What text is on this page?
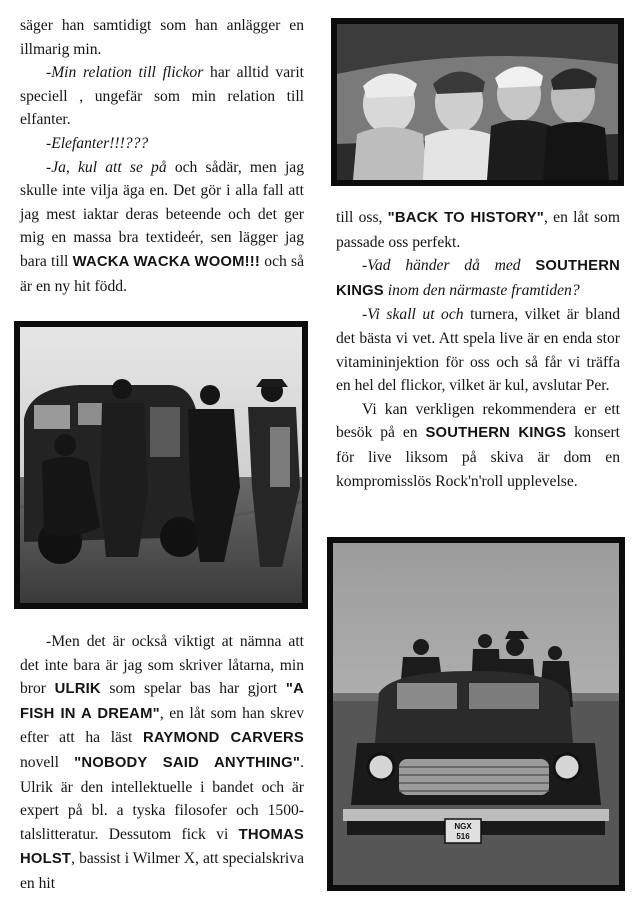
säger han samtidigt som han anlägger en illmarig min.

-Min relation till flickor har alltid varit speciell , ungefär som min relation till elfanter.

-Elefanter!!!???

-Ja, kul att se på och sådär, men jag skulle inte vilja äga en. Det gör i alla fall att jag mest iaktar deras beteende och det ger mig en massa bra textideér, sen lägger jag bara till WACKA WACKA WOOM!!! och så är en ny hit född.

-Men det är också viktigt at nämna att det inte bara är jag som skriver låtarna, min bror ULRIK som spelar bas har gjort "A FISH IN A DREAM", en låt som han skrev efter att ha läst RAYMOND CARVERS novell "NOBODY SAID ANYTHING". Ulrik är den intellektuelle i bandet och är expert på bl. a tyska filosofer och 1500-talslitteratur. Dessutom fick vi THOMAS HOLST, bassist i Wilmer X, att specialskriva en hit

till oss, "BACK TO HISTORY", en låt som passade oss perfekt.

-Vad händer då med SOUTHERN KINGS inom den närmaste framtiden?

-Vi skall ut och turnera, vilket är bland det bästa vi vet. Att spela live är en enda stor vitamininjektion för oss och så får vi träffa en hel del flickor, vilket är kul, avslutar Per.

Vi kan verkligen rekommendera er ett besök på en SOUTHERN KINGS konsert för live liksom på skiva är dom en kompromisslös Rock'n'roll upplevelse.

NGX
516
